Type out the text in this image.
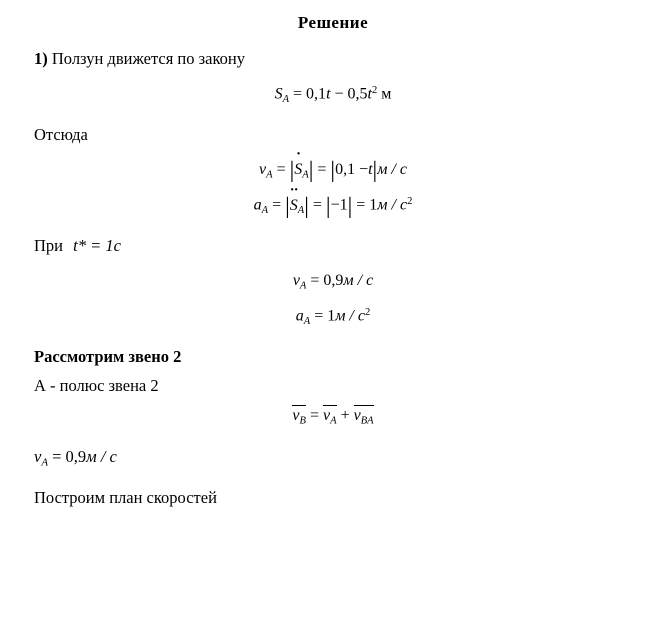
Решение

1) Ползун движется по закону

$S_A = 0,1t - 0,5t^2$ м

Отсюда

$v_A$ = |· $S_A| = |0,1 -t|м / с$
$a_A$ = |·· $S_A| = |-1| = 1м / с^2$

При t* = 1с

$v_A = 0,9м / с$
$a_A = 1м / с^2$

Рассмотрим звено 2

А - полюс звена 2

$v_B = v_A + v_{BA}$

$v_A = 0,9м / с$

Построим план скоростей
